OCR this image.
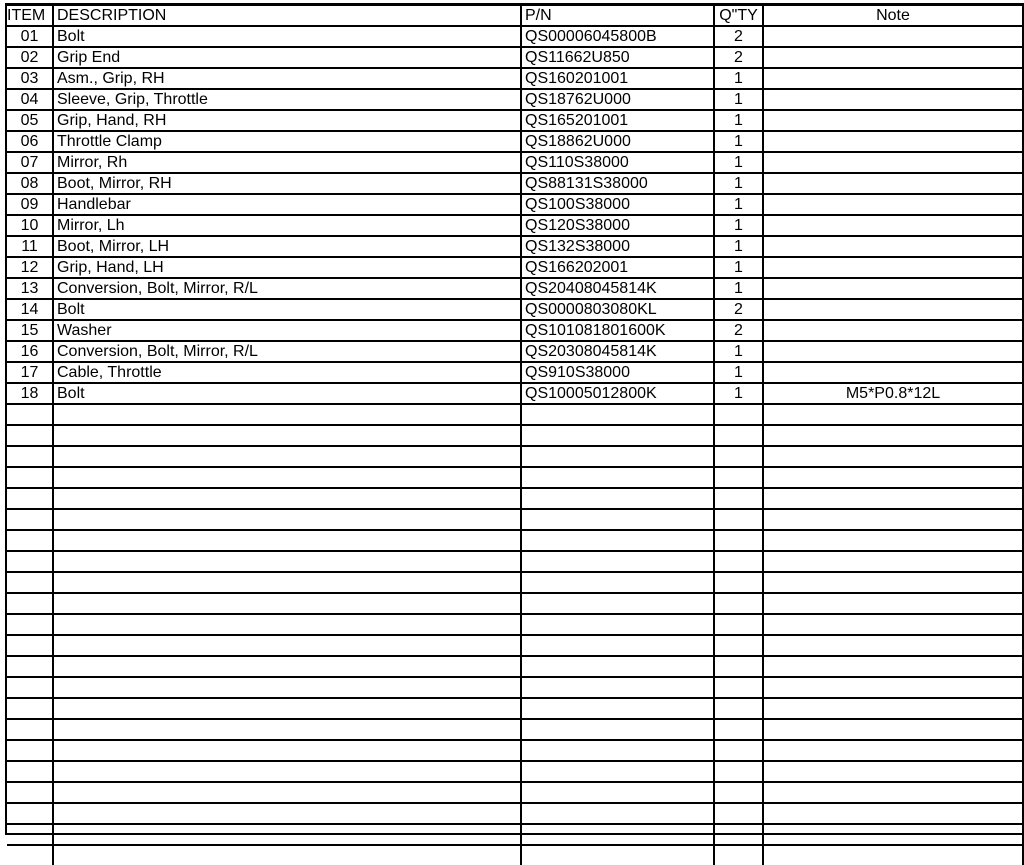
ITEM	DESCRIPTION	P/N	Q"TY	Note
01	Bolt	QS00006045800B	2	
02	Grip End	QS11662U850	2	
03	Asm., Grip, RH	QS160201001	1	
04	Sleeve, Grip, Throttle	QS18762U000	1	
05	Grip, Hand, RH	QS165201001	1	
06	Throttle Clamp	QS18862U000	1	
07	Mirror, Rh	QS110S38000	1	
08	Boot, Mirror, RH	QS88131S38000	1	
09	Handlebar	QS100S38000	1	
10	Mirror, Lh	QS120S38000	1	
11	Boot, Mirror, LH	QS132S38000	1	
12	Grip, Hand, LH	QS166202001	1	
13	Conversion, Bolt, Mirror, R/L	QS20408045814K	1	
14	Bolt	QS0000803080KL	2	
15	Washer	QS101081801600K	2	
16	Conversion, Bolt, Mirror, R/L	QS20308045814K	1	
17	Cable, Throttle	QS910S38000	1	
18	Bolt	QS10005012800K	1	M5*P0.8*12L
